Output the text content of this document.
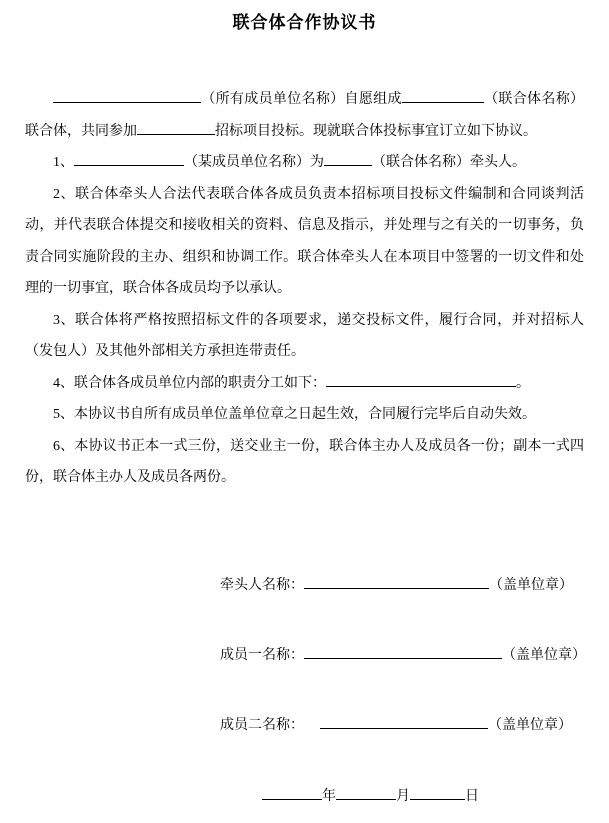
联合体合作协议书

（所有成员单位名称）自愿组成	（联合体名称）联合体，共同参加	招标项目投标。现就联合体投标事宜订立如下协议。

1、	（某成员单位名称）为	（联合体名称）牵头人。

2、联合体牵头人合法代表联合体各成员负责本招标项目投标文件编制和合同谈判活动，并代表联合体提交和接收相关的资料、信息及指示，并处理与之有关的一切事务，负责合同实施阶段的主办、组织和协调工作。联合体牵头人在本项目中签署的一切文件和处理的一切事宜，联合体各成员均予以承认。

3、联合体将严格按照招标文件的各项要求，递交投标文件，履行合同，并对招标人（发包人）及其他外部相关方承担连带责任。

4、联合体各成员单位内部的职责分工如下：	。

5、本协议书自所有成员单位盖单位章之日起生效，合同履行完毕后自动失效。

6、本协议书正本一式三份，送交业主一份，联合体主办人及成员各一份；副本一式四份，联合体主办人及成员各两份。

牵头人名称：	（盖单位章）

成员一名称：	（盖单位章）

成员二名称：	（盖单位章）

年	月	日
